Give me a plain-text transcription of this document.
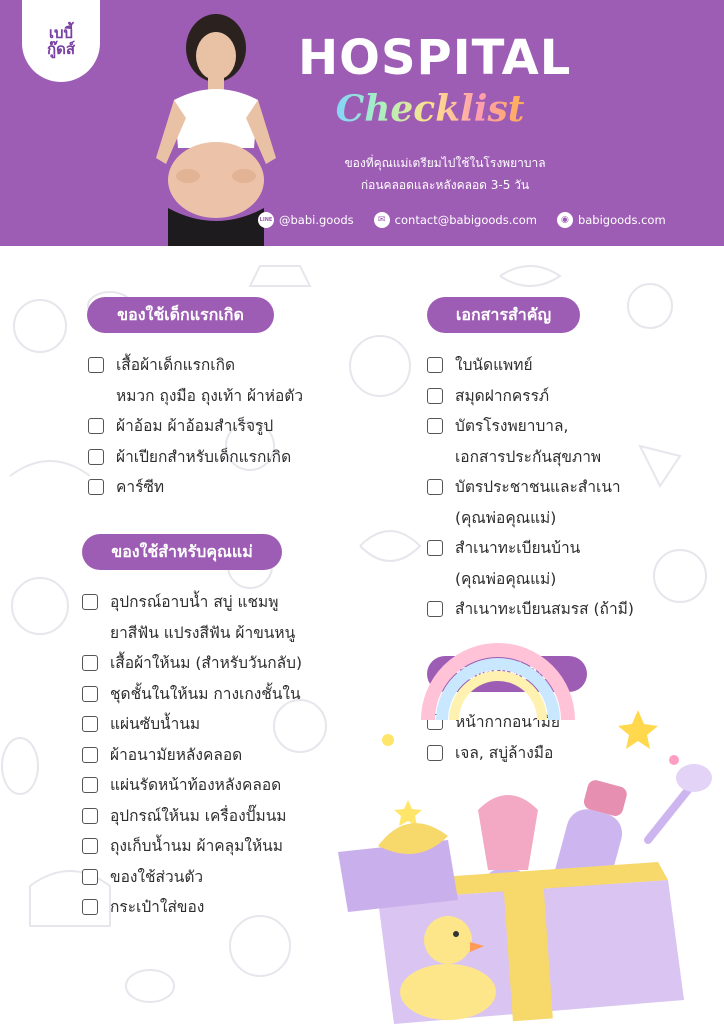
เบบี้
กู๊ดส์	HOSPITAL
Checklist
ของที่คุณแม่เตรียมไปใช้ในโรงพยาบาล
ก่อนคลอดและหลังคลอด 3-5 วัน
LINE @babi.goods	✉ contact@babigoods.com	◉ babigoods.com
ของใช้เด็กแรกเกิด
เสื้อผ้าเด็กแรกเกิด
หมวก ถุงมือ ถุงเท้า ผ้าห่อตัว
ผ้าอ้อม ผ้าอ้อมสำเร็จรูป
ผ้าเปียกสำหรับเด็กแรกเกิด
คาร์ซีท
ของใช้สำหรับคุณแม่
อุปกรณ์อาบน้ำ สบู่ แชมพู
ยาสีฟัน แปรงสีฟัน ผ้าขนหนู
เสื้อผ้าให้นม (สำหรับวันกลับ)
ชุดชั้นในให้นม กางเกงชั้นใน
แผ่นซับน้ำนม
ผ้าอนามัยหลังคลอด
แผ่นรัดหน้าท้องหลังคลอด
อุปกรณ์ให้นม เครื่องปั๊มนม
ถุงเก็บน้ำนม ผ้าคลุมให้นม
ของใช้ส่วนตัว
กระเป๋าใส่ของ
เอกสารสำคัญ
ใบนัดแพทย์
สมุดฝากครรภ์
บัตรโรงพยาบาล,
เอกสารประกันสุขภาพ
บัตรประชาชนและสำเนา
(คุณพ่อคุณแม่)
สำเนาทะเบียนบ้าน
(คุณพ่อคุณแม่)
สำเนาทะเบียนสมรส (ถ้ามี)
ป้องกันเชื้อโรค
หน้ากากอนามัย
เจล, สบู่ล้างมือ
